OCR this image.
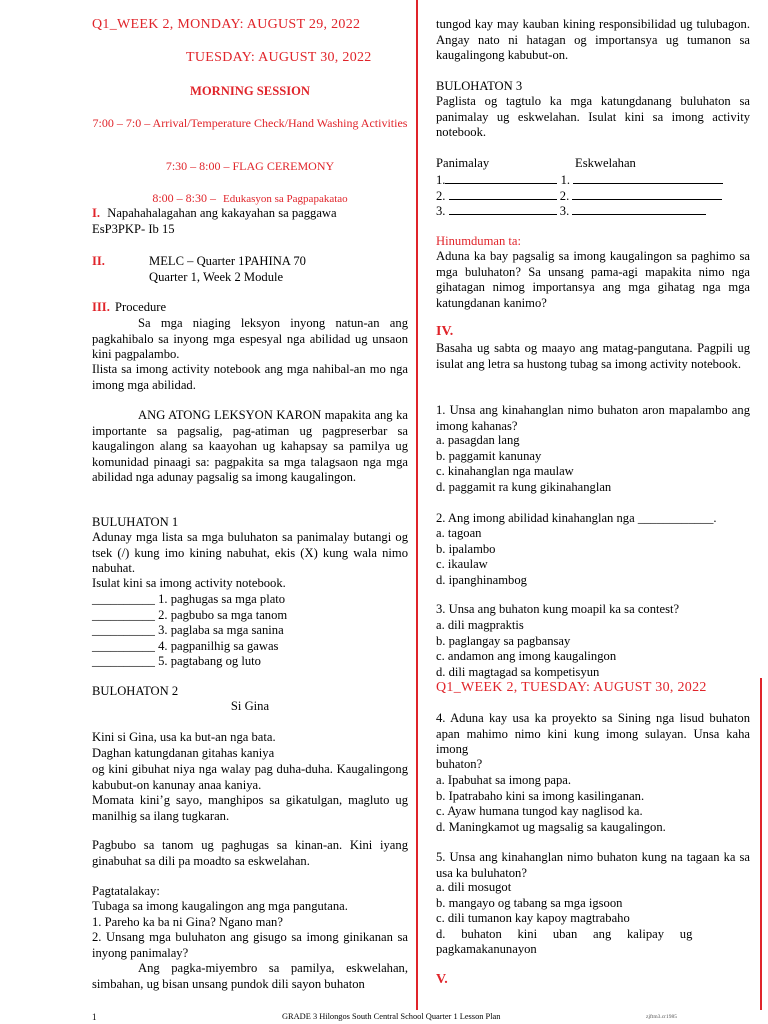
Q1_WEEK 2, MONDAY: AUGUST 29, 2022
TUESDAY: AUGUST 30, 2022
MORNING SESSION
7:00 – 7:0 – Arrival/Temperature Check/Hand Washing Activities
7:30 – 8:00 – FLAG CEREMONY
8:00 – 8:30 – Edukasyon sa Pagpapakatao
I. Napahahalagahan ang kakayahan sa paggawa
EsP3PKP- Ib 15
II.	MELC – Quarter 1PAHINA 70
Quarter 1, Week 2 Module
III. Procedure
Sa mga niaging leksyon inyong natun-an ang pagkahibalo sa inyong mga espesyal nga abilidad ug unsaon kini pagpalambo.
Ilista sa imong activity notebook ang mga nahibal-an mo nga imong mga abilidad.
ANG ATONG LEKSYON KARON mapakita ang ka importante sa pagsalig, pag-atiman ug pagpreserbar sa kaugalingon alang sa kaayohan ug kahapsay sa pamilya ug komunidad pinaagi sa: pagpakita sa mga talagsaon nga mga abilidad nga adunay pagsalig sa imong kaugalingon.
BULUHATON 1
Adunay mga lista sa mga buluhaton sa panimalay butangi og tsek (/) kung imo kining nabuhat, ekis (X) kung wala nimo nabuhat.
Isulat kini sa imong activity notebook.
__________ 1. paghugas sa mga plato
__________ 2. pagbubo sa mga tanom
__________ 3. paglaba sa mga sanina
__________ 4. pagpanilhig sa gawas
__________ 5. pagtabang og luto
BULOHATON 2
Si Gina
Kini si Gina, usa ka but-an nga bata.
Daghan katungdanan gitahas kaniya
og kini gibuhat niya nga walay pag duha-duha. Kaugalingong kabubut-on kanunay anaa kaniya.
Momata kini’g sayo, manghipos sa gikatulgan, magluto ug manilhig sa ilang tugkaran.
Pagbubo sa tanom ug paghugas sa kinan-an. Kini iyang ginabuhat sa dili pa moadto sa eskwelahan.
Pagtatalakay:
Tubaga sa imong kaugalingon ang mga pangutana.
1. Pareho ka ba ni Gina? Ngano man?
2. Unsang mga buluhaton ang gisugo sa imong ginikanan sa inyong panimalay?
Ang pagka-miyembro sa pamilya, eskwelahan, simbahan, ug bisan unsang pundok dili sayon buhaton
tungod kay may kauban kining responsibilidad ug tulubagon. Angay nato ni hatagan og importansya ug tumanon sa kaugalingong kabubut-on.
BULOHATON 3
Paglista og tagtulo ka mga katungdanang buluhaton sa panimalay ug eskwelahan. Isulat kini sa imong activity notebook.
Panimalay	Eskwelahan
1.	1.
2.	2.
3.	3.
Hinumduman ta:
Aduna ka bay pagsalig sa imong kaugalingon sa paghimo sa mga buluhaton? Sa unsang pama-agi mapakita nimo nga gihatagan nimog importansya ang mga gihatag nga mga katungdanan kanimo?
IV.
Basaha ug sabta og maayo ang matag-pangutana. Pagpili ug isulat ang letra sa hustong tubag sa imong activity notebook.
1. Unsa ang kinahanglan nimo buhaton aron mapalambo ang imong kahanas?
a. pasagdan lang
b. paggamit kanunay
c. kinahanglan nga maulaw
d. paggamit ra kung gikinahanglan
2. Ang imong abilidad kinahanglan nga ____________.
a. tagoan
b. ipalambo
c. ikaulaw
d. ipanghinambog
3. Unsa ang buhaton kung moapil ka sa contest?
a. dili magpraktis
b. paglangay sa pagbansay
c. andamon ang imong kaugalingon
d. dili magtagad sa kompetisyun
Q1_WEEK 2, TUESDAY: AUGUST 30, 2022
4. Aduna kay usa ka proyekto sa Sining nga lisud buhaton apan mahimo nimo kini kung imong sulayan. Unsa kaha imong
buhaton?
a. Ipabuhat sa imong papa.
b. Ipatrabaho kini sa imong kasilinganan.
c. Ayaw humana tungod kay naglisod ka.
d. Maningkamot ug magsalig sa kaugalingon.
5. Unsa ang kinahanglan nimo buhaton kung na tagaan ka sa usa ka buluhaton?
a. dili mosugot
b. mangayo og tabang sa mga igsoon
c. dili tumanon kay kapoy magtrabaho
d.     buhaton     kini     uban     ang     kalipay     ug
pagkamakanunayon
V.
1	GRADE 3 Hilongos South Central School Quarter 1 Lesson Plan	zjftm3.cr1985
